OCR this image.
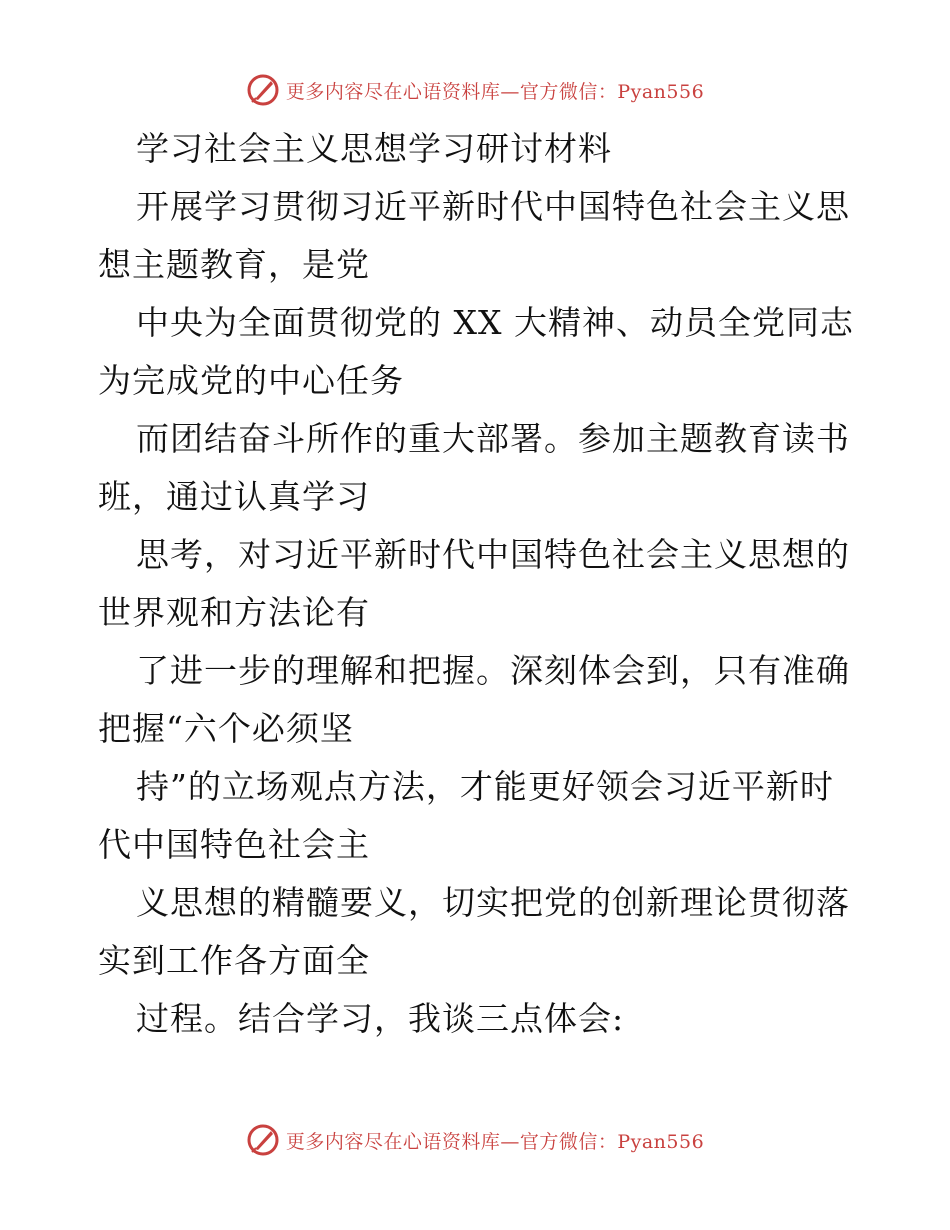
更多内容尽在心语资料库—官方微信：Pyan556
学习社会主义思想学习研讨材料
开展学习贯彻习近平新时代中国特色社会主义思
想主题教育，是党
中央为全面贯彻党的 XX 大精神、动员全党同志
为完成党的中心任务
而团结奋斗所作的重大部署。参加主题教育读书
班，通过认真学习
思考，对习近平新时代中国特色社会主义思想的
世界观和方法论有
了进一步的理解和把握。深刻体会到，只有准确
把握“六个必须坚
持”的立场观点方法，才能更好领会习近平新时
代中国特色社会主
义思想的精髓要义，切实把党的创新理论贯彻落
实到工作各方面全
过程。结合学习，我谈三点体会:
更多内容尽在心语资料库—官方微信：Pyan556
